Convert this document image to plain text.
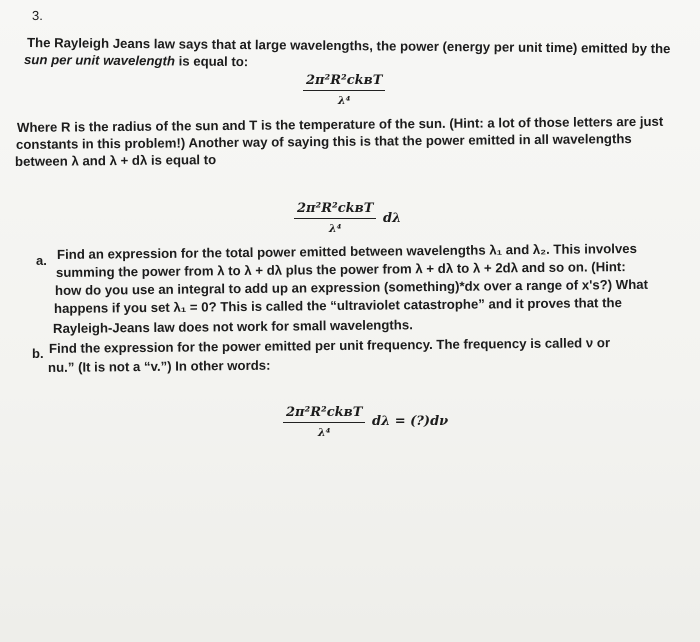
3.
The Rayleigh Jeans law says that at large wavelengths, the power (energy per unit time) emitted by the
sun per unit wavelength is equal to:
2π²R²ckʙT
λ⁴
Where R is the radius of the sun and T is the temperature of the sun. (Hint: a lot of those letters are just
constants in this problem!) Another way of saying this is that the power emitted in all wavelengths
between λ and λ + dλ is equal to
2π²R²ckʙT
λ⁴
dλ
a. Find an expression for the total power emitted between wavelengths λ₁ and λ₂. This involves
summing the power from λ to λ + dλ plus the power from λ + dλ to λ + 2dλ and so on. (Hint:
how do you use an integral to add up an expression (something)*dx over a range of x's?) What
happens if you set λ₁ = 0? This is called the “ultraviolet catastrophe” and it proves that the
Rayleigh-Jeans law does not work for small wavelengths.
b. Find the expression for the power emitted per unit frequency. The frequency is called ν or
nu.” (It is not a “v.”) In other words:
2π²R²ckʙT
λ⁴
dλ = (?)dν
